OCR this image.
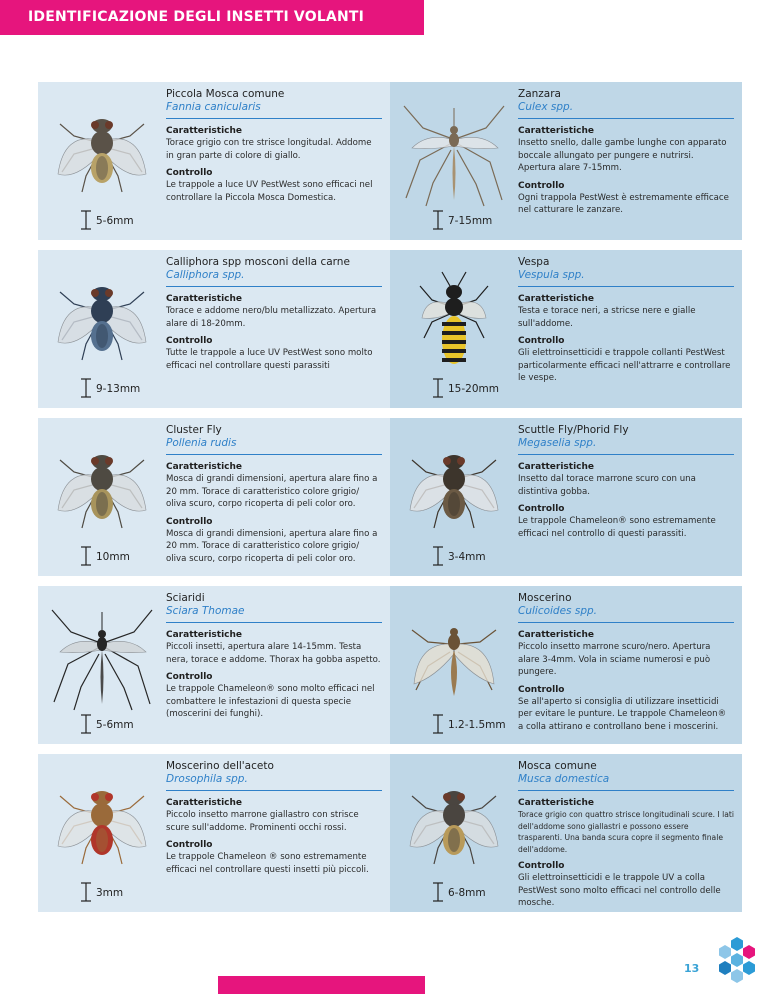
IDENTIFICAZIONE DEGLI INSETTI VOLANTI
5-6mm
Piccola Mosca comune
Fannia canicularis
Caratteristiche
Torace grigio con tre strisce longitudal. Addome in gran parte di colore di giallo.
Controllo
Le trappole a luce UV PestWest sono efficaci nel controllare la Piccola Mosca Domestica.
7-15mm
Zanzara
Culex spp.
Caratteristiche
Insetto snello, dalle gambe lunghe con apparato boccale allungato per pungere e nutrirsi. Apertura alare 7-15mm.
Controllo
Ogni trappola PestWest è estremamente efficace nel catturare le zanzare.
9-13mm
Calliphora spp mosconi della carne
Calliphora spp.
Caratteristiche
Torace e addome nero/blu metallizzato. Apertura alare di 18-20mm.
Controllo
Tutte le trappole a luce UV PestWest sono molto efficaci nel controllare questi parassiti
15-20mm
Vespa
Vespula spp.
Caratteristiche
Testa e torace neri, a stricse nere e gialle sull'addome.
Controllo
Gli elettroinsetticidi e trappole collanti PestWest particolarmente efficaci nell'attrarre e controllare le vespe.
10mm
Cluster Fly
Pollenia rudis
Caratteristiche
Mosca di grandi dimensioni, apertura alare fino a 20 mm. Torace di caratteristico colore grigio/ oliva scuro, corpo ricoperta di peli color oro.
Controllo
Mosca di grandi dimensioni, apertura alare fino a 20 mm. Torace di caratteristico colore grigio/ oliva scuro, corpo ricoperta di peli color oro.	3-4mm
Scuttle Fly/Phorid Fly
Megaselia spp.
Caratteristiche
Insetto dal torace marrone scuro con una distintiva gobba.
Controllo
Le trappole Chameleon® sono estremamente efficaci nel controllo di questi parassiti.
5-6mm
Sciaridi
Sciara Thomae
Caratteristiche
Piccoli insetti, apertura alare 14-15mm. Testa nera, torace e addome. Thorax ha gobba aspetto.
Controllo
Le trappole Chameleon® sono molto efficaci nel combattere le infestazioni di questa specie (moscerini dei funghi).
1.2-1.5mm
Moscerino
Culicoides spp.
Caratteristiche
Piccolo insetto marrone scuro/nero. Apertura alare 3-4mm. Vola in sciame numerosi e può pungere.
Controllo
Se all'aperto si consiglia di utilizzare insetticidi per evitare le punture. Le trappole Chameleon® a colla attirano e controllano bene i moscerini.
3mm
Moscerino dell'aceto
Drosophila spp.
Caratteristiche
Piccolo insetto marrone giallastro con strisce scure sull'addome. Prominenti occhi rossi.
Controllo
Le trappole Chameleon ® sono estremamente efficaci nel controllare questi insetti più piccoli.
6-8mm
Mosca comune
Musca domestica
Caratteristiche
Torace grigio con quattro strisce longitudinali scure. I lati dell'addome sono giallastri e possono essere trasparenti. Una banda scura copre il segmento finale dell'addome.
Controllo
Gli elettroinsetticidi e le trappole UV a colla PestWest sono molto efficaci nel controllo delle mosche.
13
